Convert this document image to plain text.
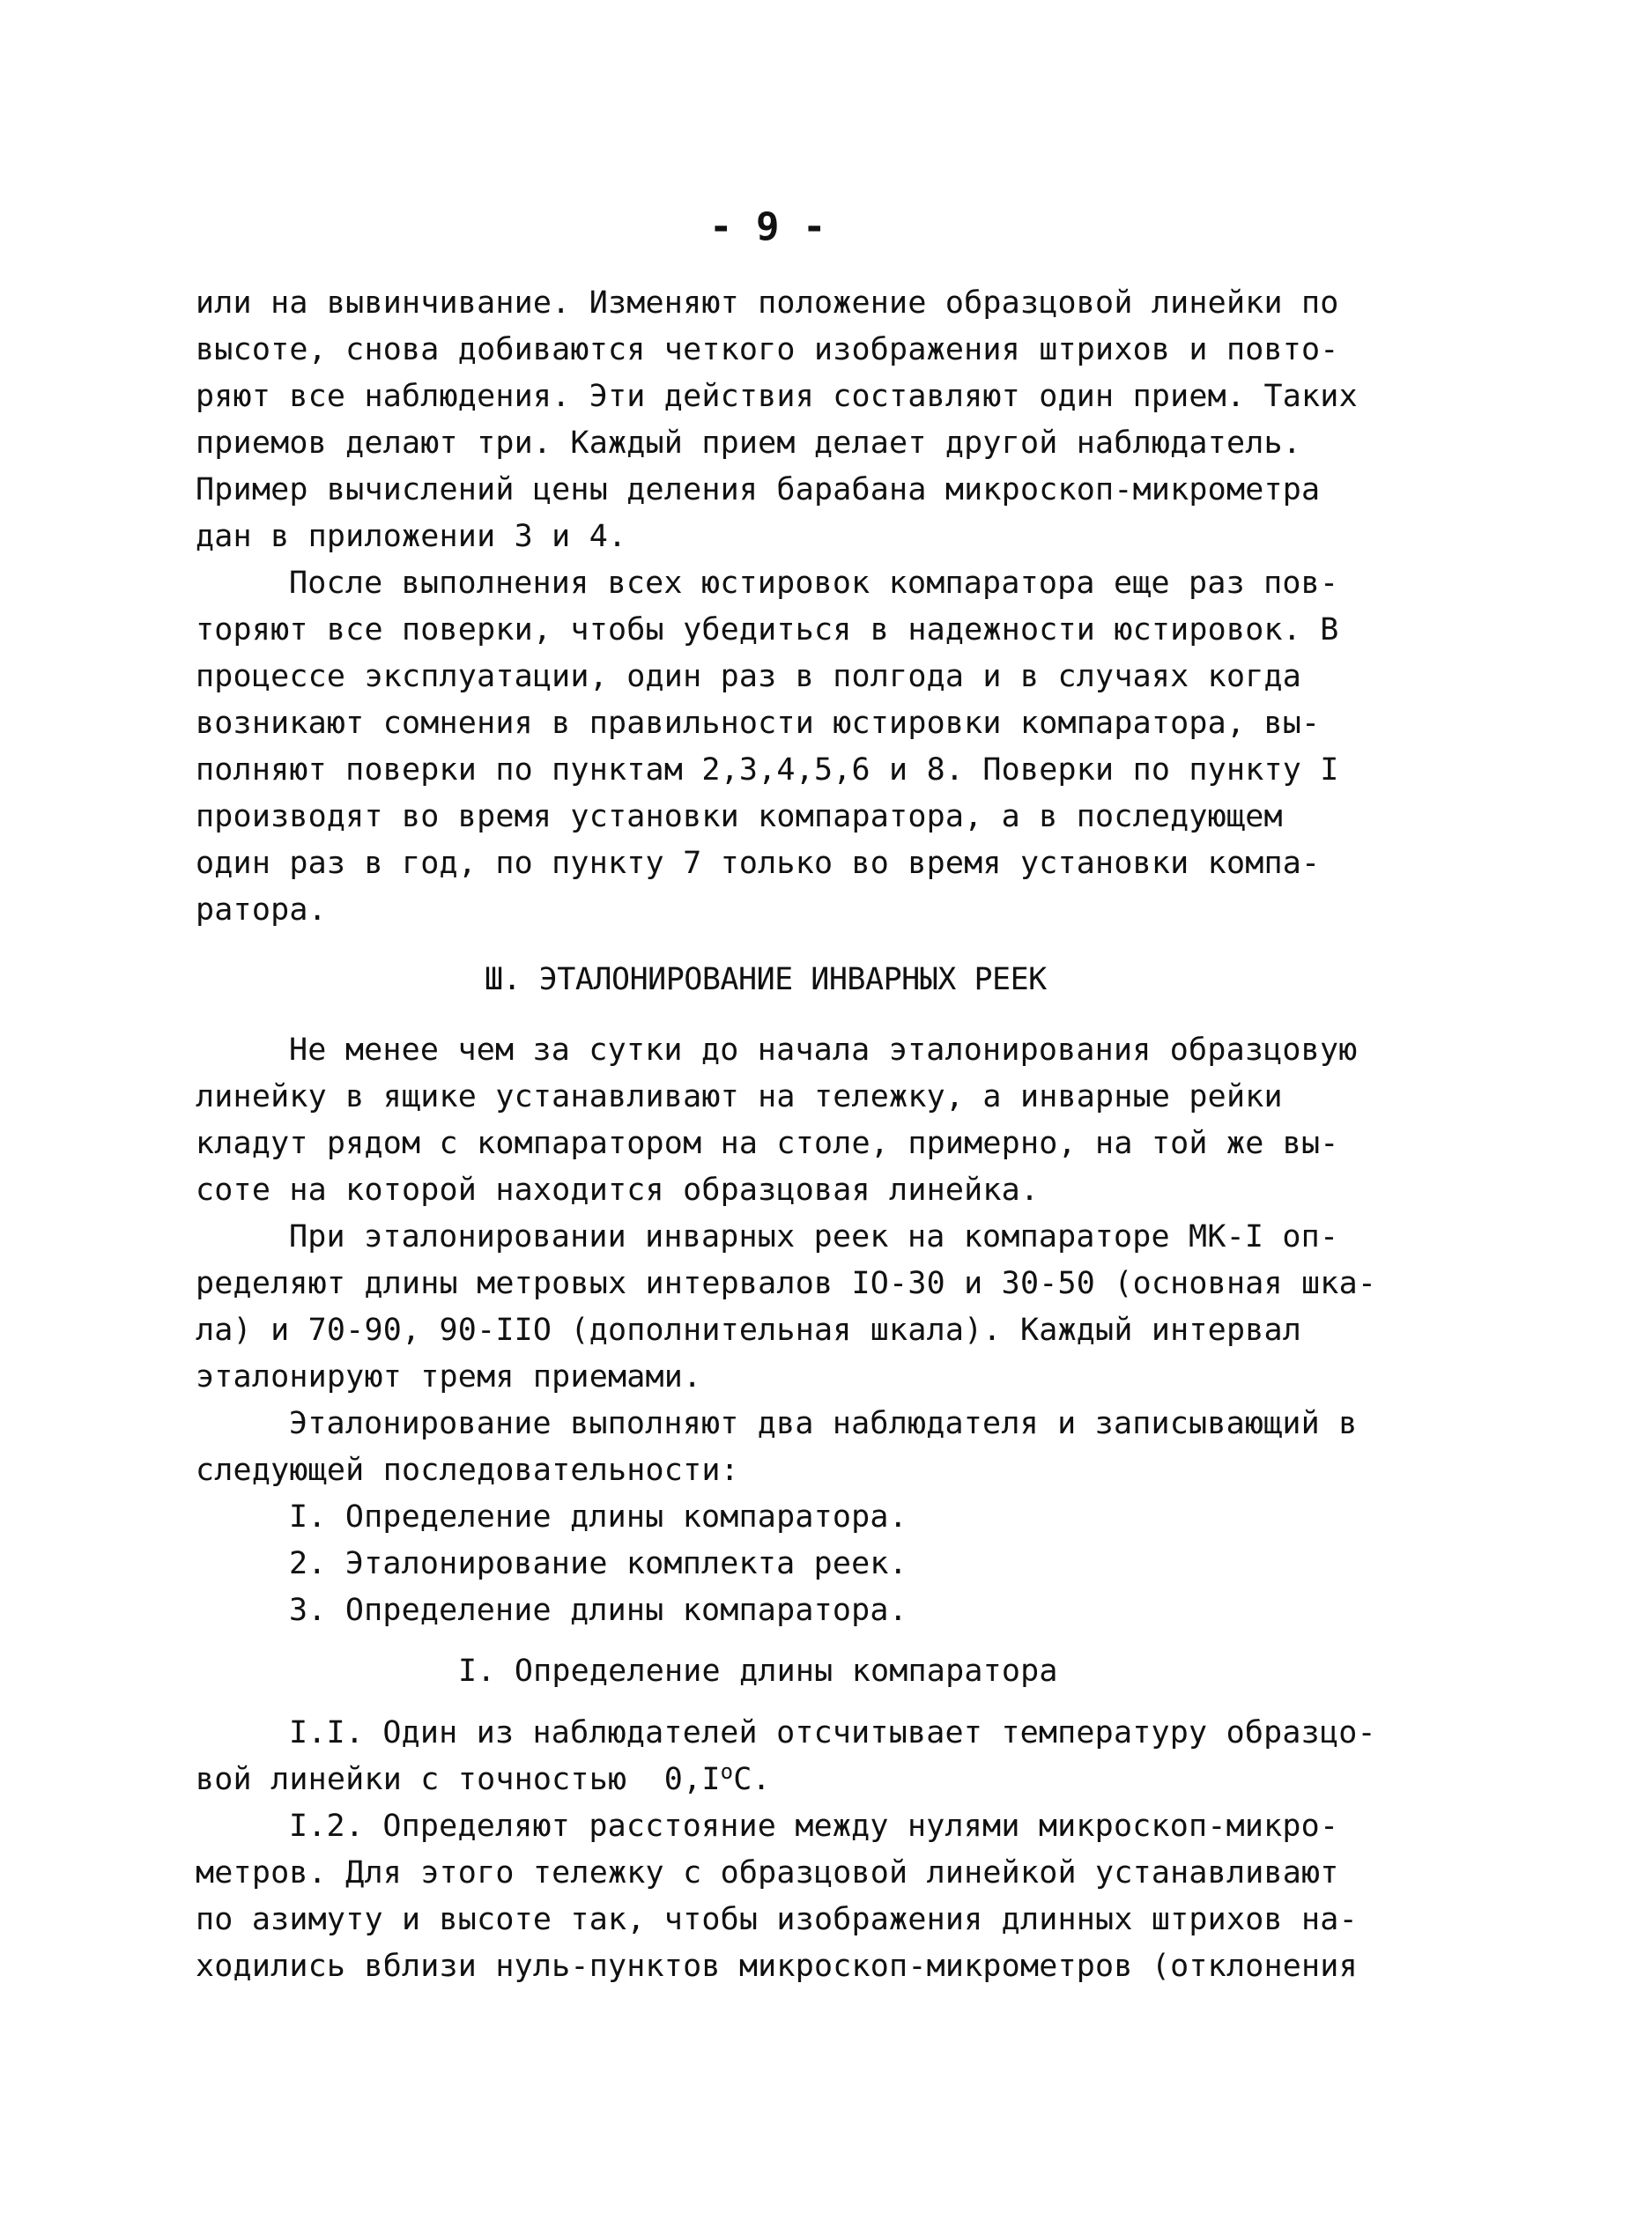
- 9 -
или на вывинчивание. Изменяют положение образцовой линейки по
высоте, снова добиваются четкого изображения штрихов и повто-
ряют все наблюдения. Эти действия составляют один прием. Таких
приемов делают три. Каждый прием делает другой наблюдатель.
Пример вычислений цены деления барабана микроскоп-микрометра
дан в приложении 3 и 4.
После выполнения всех юстировок компаратора еще раз пов-
торяют все поверки, чтобы убедиться в надежности юстировок. В
процессе эксплуатации, один раз в полгода и в случаях когда
возникают сомнения в правильности юстировки компаратора, вы-
полняют поверки по пунктам 2,3,4,5,6 и 8. Поверки по пункту I
производят во время установки компаратора, а в последующем
один раз в год, по пункту 7 только во время установки компа-
ратора.
Ш. ЭТАЛОНИРОВАНИЕ ИНВАРНЫХ РЕЕК
Не менее чем за сутки до начала эталонирования образцовую
линейку в ящике устанавливают на тележку, а инварные рейки
кладут рядом с компаратором на столе, примерно, на той же вы-
соте на которой находится образцовая линейка.
При эталонировании инварных реек на компараторе МК-I оп-
ределяют длины метровых интервалов IO-30 и 30-50 (основная шка-
ла) и 70-90, 90-IIO (дополнительная шкала). Каждый интервал
эталонируют тремя приемами.
Эталонирование выполняют два наблюдателя и записывающий в
следующей последовательности:
I. Определение длины компаратора.
2. Эталонирование комплекта реек.
3. Определение длины компаратора.
I. Определение длины компаратора
I.I. Один из наблюдателей отсчитывает температуру образцо-
вой линейки с точностью  $0,I^оС$.
I.2. Определяют расстояние между нулями микроскоп-микро-
метров. Для этого тележку с образцовой линейкой устанавливают
по азимуту и высоте так, чтобы изображения длинных штрихов на-
ходились вблизи нуль-пунктов микроскоп-микрометров (отклонения
